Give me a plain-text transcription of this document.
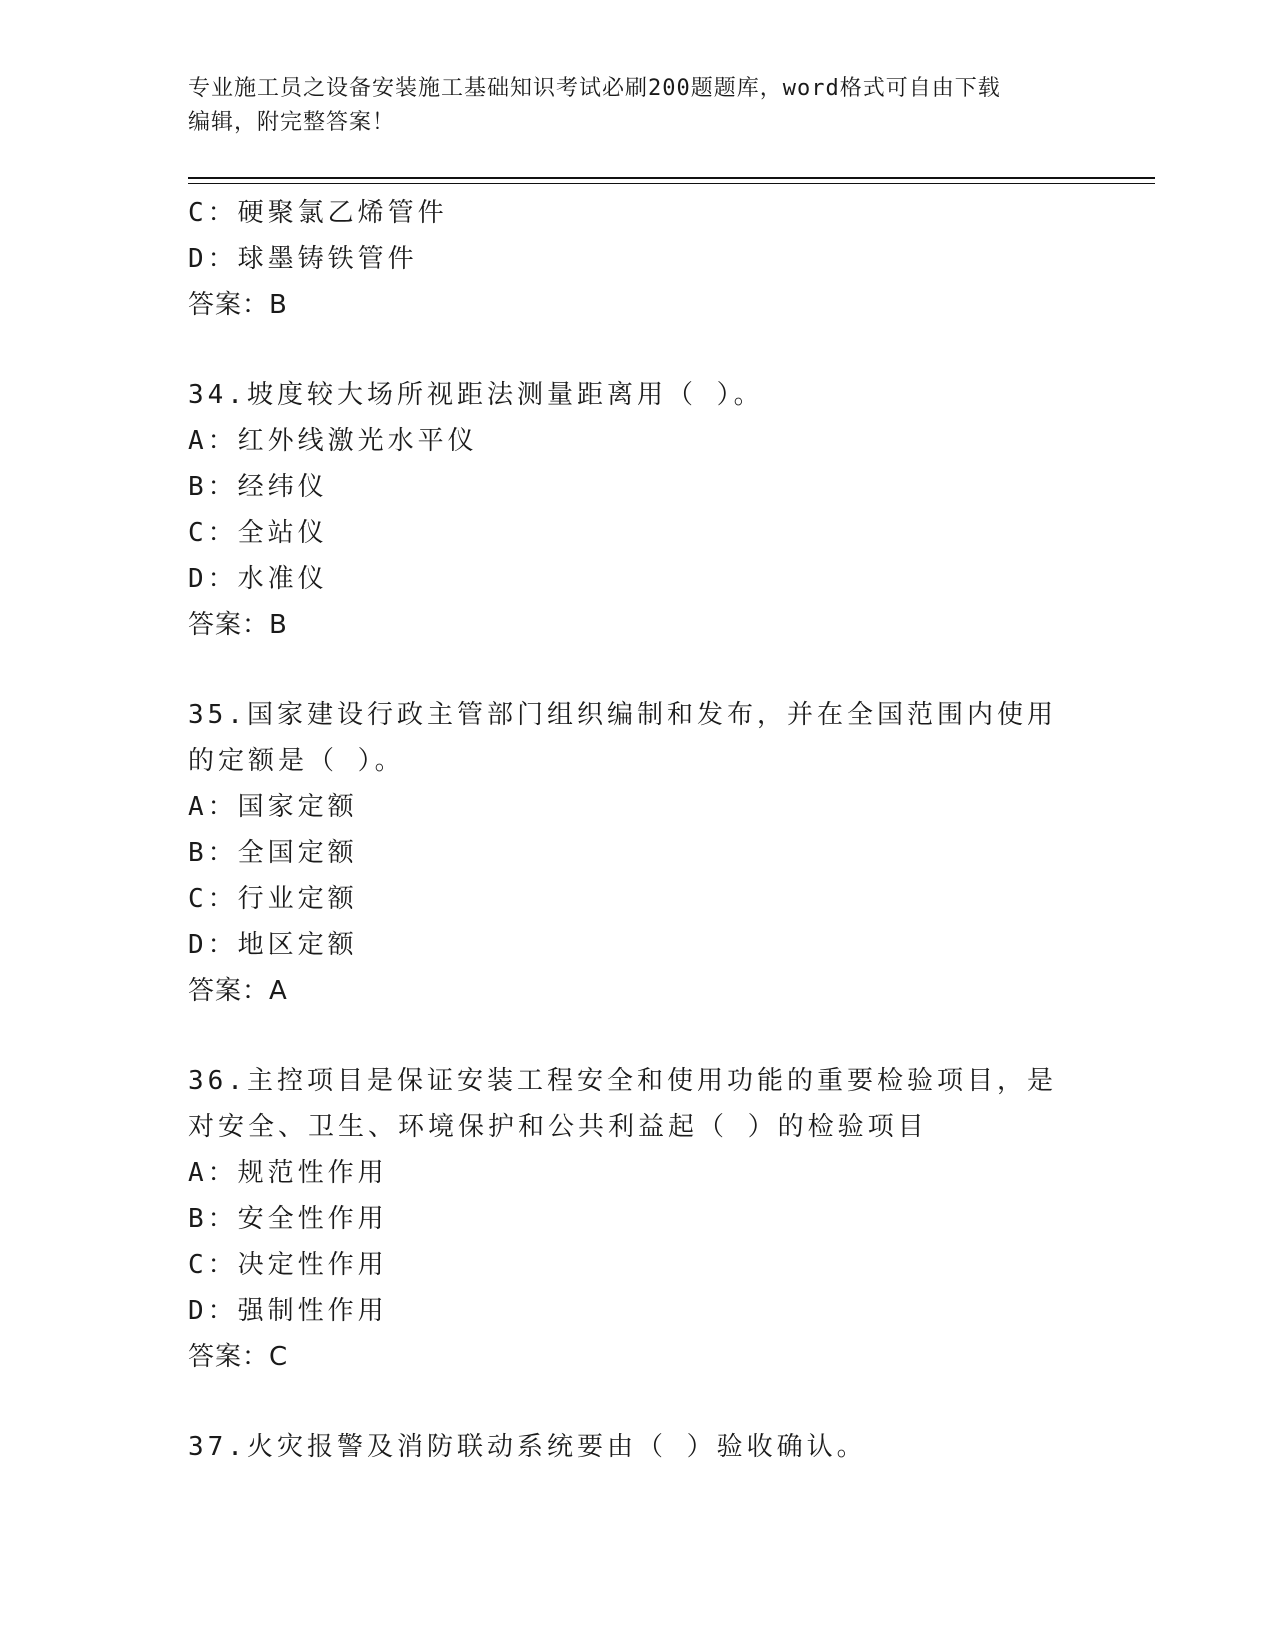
专业施工员之设备安装施工基础知识考试必刷200题题库，word格式可自由下载
编辑，附完整答案！
C：硬聚氯乙烯管件
D：球墨铸铁管件
答案：B
34.坡度较大场所视距法测量距离用（ ）。
A：红外线激光水平仪
B：经纬仪
C：全站仪
D：水准仪
答案：B
35.国家建设行政主管部门组织编制和发布，并在全国范围内使用的定额是（ ）。
A：国家定额
B：全国定额
C：行业定额
D：地区定额
答案：A
36.主控项目是保证安装工程安全和使用功能的重要检验项目，是对安全、卫生、环境保护和公共利益起（ ）的检验项目
A：规范性作用
B：安全性作用
C：决定性作用
D：强制性作用
答案：C
37.火灾报警及消防联动系统要由（ ）验收确认。
